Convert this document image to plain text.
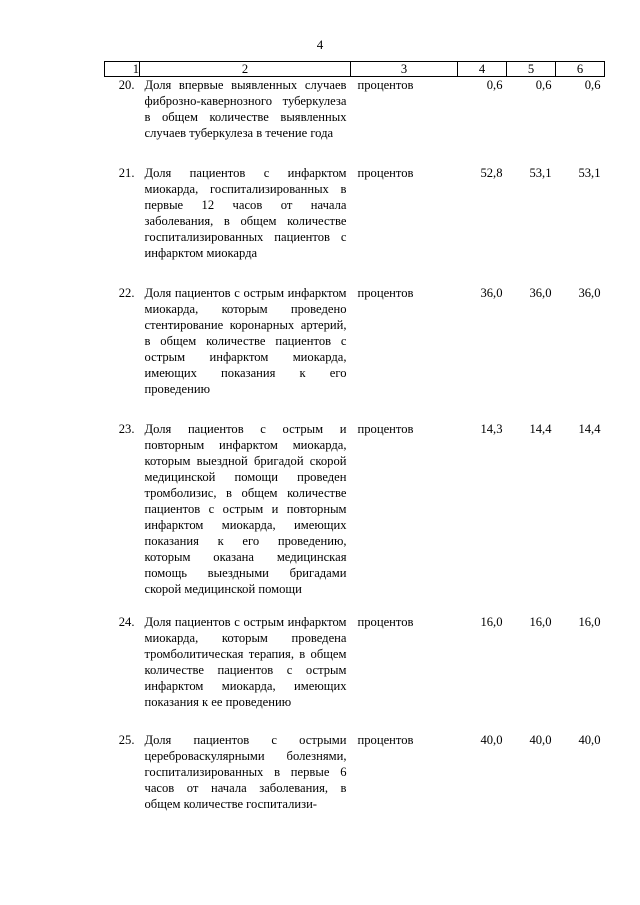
4
1	2	3	4	5	6
20.	Доля впервые выявленных случаев фиброзно-кавернозного туберкулеза в общем количестве выявленных случаев туберкулеза в течение года	процентов	0,6	0,6	0,6
21.	Доля пациентов с инфарктом миокарда, госпитализированных в первые 12 часов от начала заболевания, в общем количестве госпитализированных пациентов с инфарктом миокарда	процентов	52,8	53,1	53,1
22.	Доля пациентов с острым инфарктом миокарда, которым проведено стентирование коронарных артерий, в общем количестве пациентов с острым инфарктом миокарда, имеющих показания к его проведению	процентов	36,0	36,0	36,0
23.	Доля пациентов с острым и повторным инфарктом миокарда, которым выездной бригадой скорой медицинской помощи проведен тромболизис, в общем количестве пациентов с острым и повторным инфарктом миокарда, имеющих показания к его проведению, которым оказана медицинская помощь выездными бригадами скорой медицинской помощи	процентов	14,3	14,4	14,4
24.	Доля пациентов с острым инфарктом миокарда, которым проведена тромболитическая терапия, в общем количестве пациентов с острым инфарктом миокарда, имеющих показания к ее проведению	процентов	16,0	16,0	16,0
25.	Доля пациентов с острыми цереброваскулярными болезнями, госпитализированных в первые 6 часов от начала заболевания, в общем количестве госпитализи-	процентов	40,0	40,0	40,0
